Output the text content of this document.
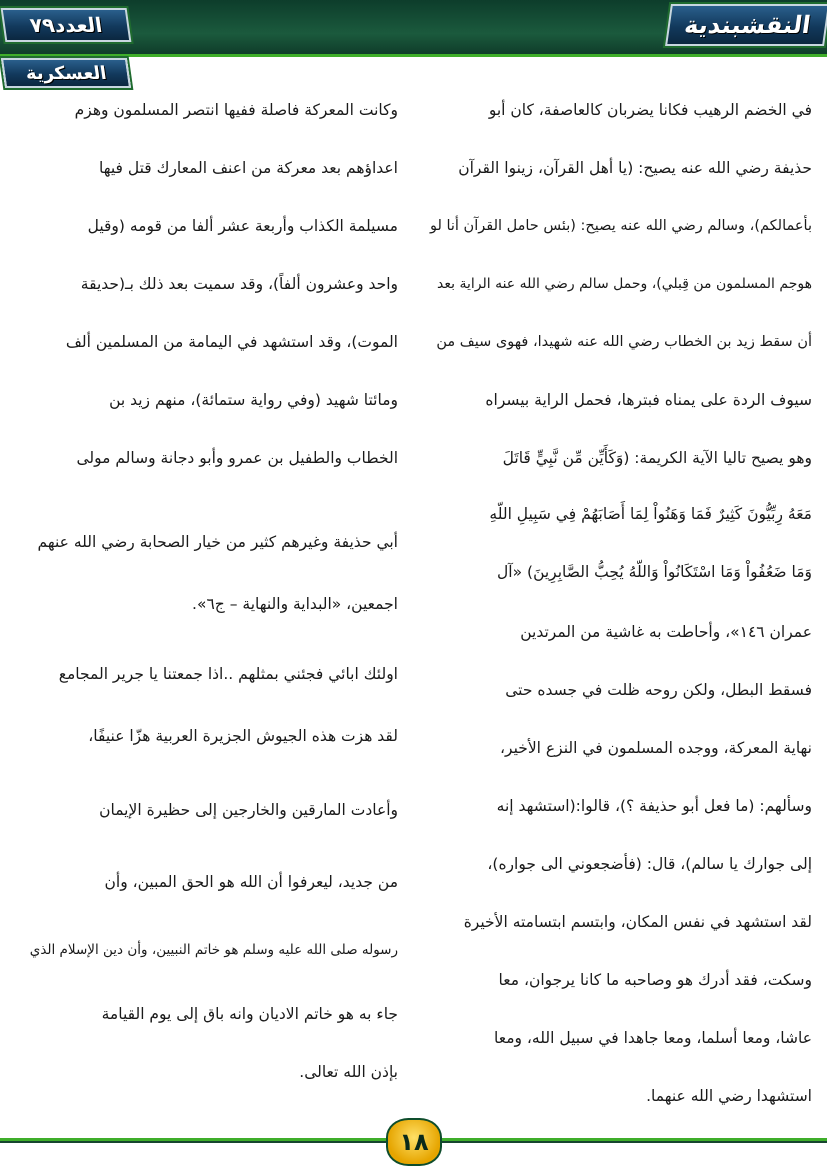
النقشبندية
العدد٧٩
العسكرية
في الخضم الرهيب فكانا يضربان كالعاصفة، كان أبو
حذيفة رضي الله عنه يصيح: (يا أهل القرآن، زينوا القرآن
بأعمالكم)، وسالم رضي الله عنه يصيح: (بئس حامل القرآن أنا لو
هوجم المسلمون من قِبلي)، وحمل سالم رضي الله عنه الراية بعد
أن سقط زيد بن الخطاب رضي الله عنه شهيدا، فهوى سيف من
سيوف الردة على يمناه فبترها، فحمل الراية بيسراه
وهو يصيح تاليا الآية الكريمة: (وَكَأَيِّن مِّن نَّبِيٍّ قَاتَلَ
مَعَهُ رِبِّيُّونَ كَثِيرٌ فَمَا وَهَنُواْ لِمَا أَصَابَهُمْ فِي سَبِيلِ اللّهِ
وَمَا ضَعُفُواْ وَمَا اسْتَكَانُواْ وَاللّهُ يُحِبُّ الصَّابِرِينَ) «آل
عمران ١٤٦»، وأحاطت به غاشية من المرتدين
فسقط البطل، ولكن روحه ظلت في جسده حتى
نهاية المعركة، ووجده المسلمون في النزع الأخير،
وسألهم: (ما فعل أبو حذيفة ؟)، قالوا:(استشهد إنه
إلى جوارك يا سالم)، قال: (فأضجعوني الى جواره)،
لقد استشهد في نفس المكان، وابتسم ابتسامته الأخيرة
وسكت، فقد أدرك هو وصاحبه ما كانا يرجوان، معا
عاشا، ومعا أسلما، ومعا جاهدا في سبيل الله، ومعا
استشهدا رضي الله عنهما.
وكانت المعركة فاصلة ففيها انتصر المسلمون وهزم
اعداؤهم بعد معركة من اعنف المعارك قتل فيها
مسيلمة الكذاب وأربعة عشر ألفا من قومه (وقيل
واحد وعشرون ألفاً)، وقد سميت بعد ذلك بـ(حديقة
الموت)، وقد استشهد في اليمامة من المسلمين ألف
ومائتا شهيد (وفي رواية ستمائة)، منهم زيد بن
الخطاب والطفيل بن عمرو وأبو دجانة وسالم مولى
أبي حذيفة وغيرهم كثير من خيار الصحابة رضي الله عنهم
اجمعين، «البداية والنهاية – ج٦».
اولئك ابائي فجئني بمثلهم ..اذا جمعتنا يا جرير المجامع
لقد هزت هذه الجيوش الجزيرة العربية هزّا عنيفًا،
وأعادت المارقين والخارجين إلى حظيرة الإيمان
من جديد، ليعرفوا أن الله هو الحق المبين، وأن
رسوله صلى الله عليه وسلم هو خاتم النبيين، وأن دين الإسلام الذي
جاء به هو خاتم الاديان وانه باق إلى يوم القيامة
بإذن الله تعالى.
١٨
